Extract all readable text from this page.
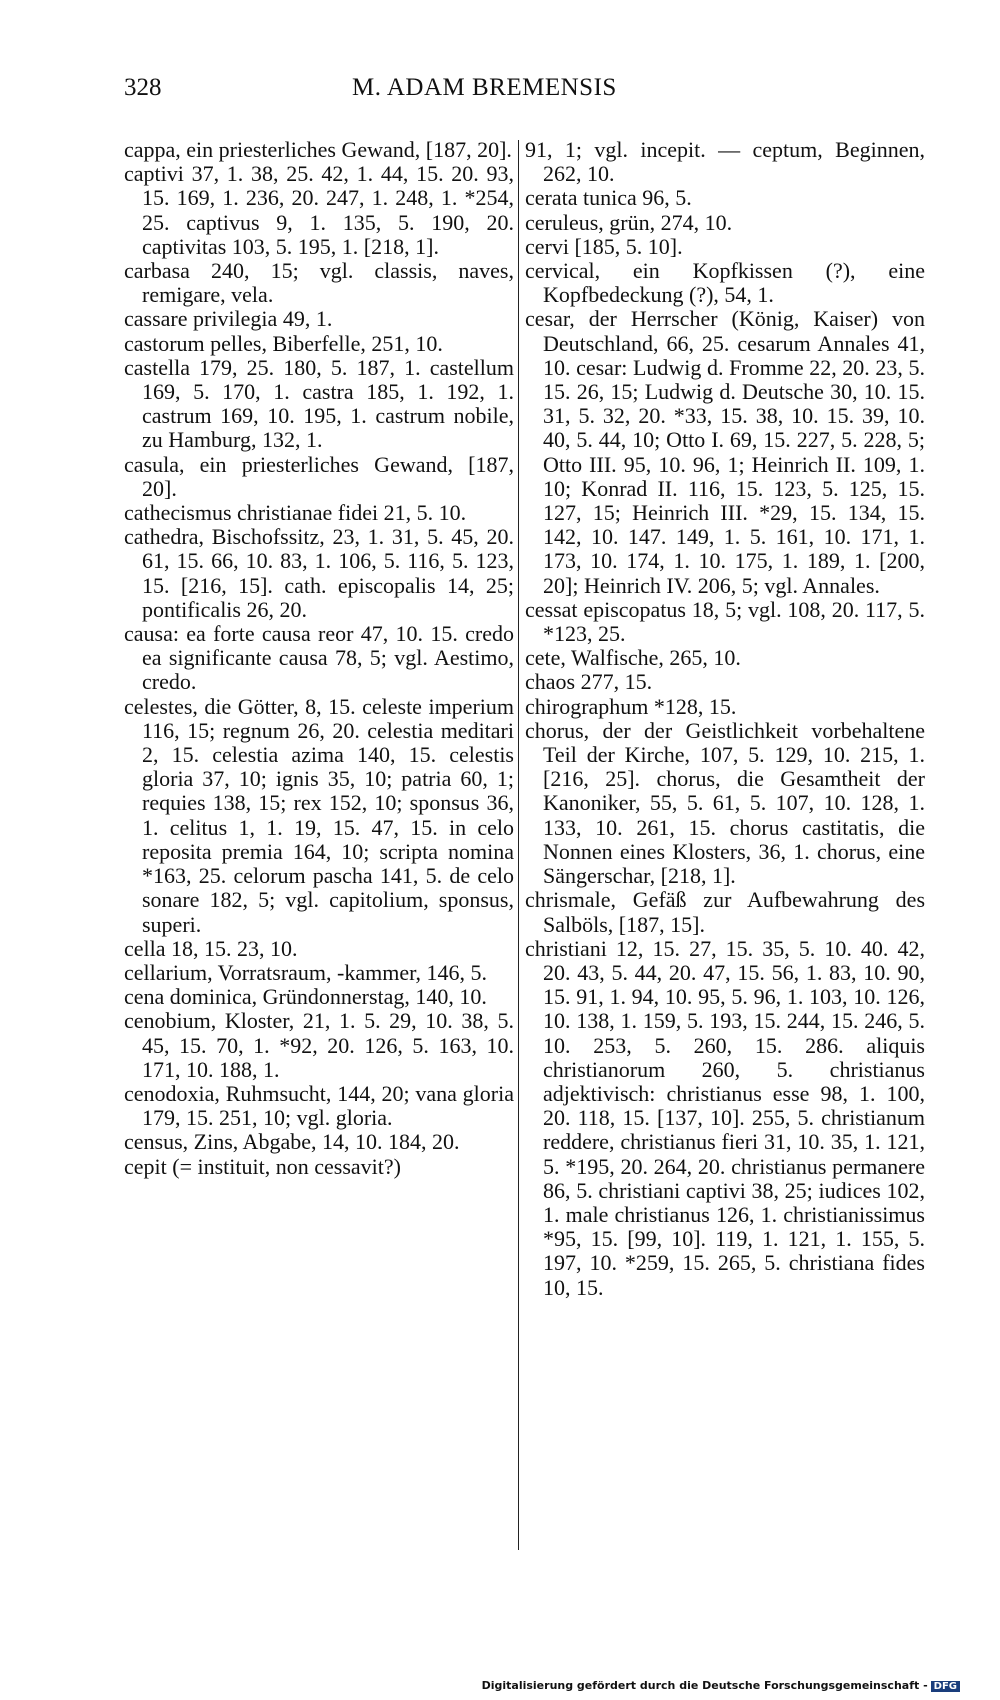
328	M. ADAM BREMENSIS

cappa, ein priesterliches Gewand, [187, 20].

captivi 37, 1. 38, 25. 42, 1. 44, 15. 20. 93, 15. 169, 1. 236, 20. 247, 1. 248, 1. *254, 25. captivus 9, 1. 135, 5. 190, 20. captivitas 103, 5. 195, 1. [218, 1].

carbasa 240, 15; vgl. classis, naves, remigare, vela.

cassare privilegia 49, 1.

castorum pelles, Biberfelle, 251, 10.

castella 179, 25. 180, 5. 187, 1. castellum 169, 5. 170, 1. castra 185, 1. 192, 1. castrum 169, 10. 195, 1. castrum nobile, zu Hamburg, 132, 1.

casula, ein priesterliches Gewand, [187, 20].

cathecismus christianae fidei 21, 5. 10.

cathedra, Bischofssitz, 23, 1. 31, 5. 45, 20. 61, 15. 66, 10. 83, 1. 106, 5. 116, 5. 123, 15. [216, 15]. cath. episcopalis 14, 25; pontificalis 26, 20.

causa: ea forte causa reor 47, 10. 15. credo ea significante causa 78, 5; vgl. Aestimo, credo.

celestes, die Götter, 8, 15. celeste imperium 116, 15; regnum 26, 20. celestia meditari 2, 15. celestia azima 140, 15. celestis gloria 37, 10; ignis 35, 10; patria 60, 1; requies 138, 15; rex 152, 10; sponsus 36, 1. celitus 1, 1. 19, 15. 47, 15. in celo reposita premia 164, 10; scripta nomina *163, 25. celorum pascha 141, 5. de celo sonare 182, 5; vgl. capitolium, sponsus, superi.

cella 18, 15. 23, 10.

cellarium, Vorratsraum, -kammer, 146, 5.

cena dominica, Gründonnerstag, 140, 10.

cenobium, Kloster, 21, 1. 5. 29, 10. 38, 5. 45, 15. 70, 1. *92, 20. 126, 5. 163, 10. 171, 10. 188, 1.

cenodoxia, Ruhmsucht, 144, 20; vana gloria 179, 15. 251, 10; vgl. gloria.

census, Zins, Abgabe, 14, 10. 184, 20.

cepit (= instituit, non cessavit?)

91, 1; vgl. incepit. — ceptum, Beginnen, 262, 10.

cerata tunica 96, 5.

ceruleus, grün, 274, 10.

cervi [185, 5. 10].

cervical, ein Kopfkissen (?), eine Kopfbedeckung (?), 54, 1.

cesar, der Herrscher (König, Kaiser) von Deutschland, 66, 25. cesarum Annales 41, 10. cesar: Ludwig d. Fromme 22, 20. 23, 5. 15. 26, 15; Ludwig d. Deutsche 30, 10. 15. 31, 5. 32, 20. *33, 15. 38, 10. 15. 39, 10. 40, 5. 44, 10; Otto I. 69, 15. 227, 5. 228, 5; Otto III. 95, 10. 96, 1; Heinrich II. 109, 1. 10; Konrad II. 116, 15. 123, 5. 125, 15. 127, 15; Heinrich III. *29, 15. 134, 15. 142, 10. 147. 149, 1. 5. 161, 10. 171, 1. 173, 10. 174, 1. 10. 175, 1. 189, 1. [200, 20]; Heinrich IV. 206, 5; vgl. Annales.

cessat episcopatus 18, 5; vgl. 108, 20. 117, 5. *123, 25.

cete, Walfische, 265, 10.

chaos 277, 15.

chirographum *128, 15.

chorus, der der Geistlichkeit vorbehaltene Teil der Kirche, 107, 5. 129, 10. 215, 1. [216, 25]. chorus, die Gesamtheit der Kanoniker, 55, 5. 61, 5. 107, 10. 128, 1. 133, 10. 261, 15. chorus castitatis, die Nonnen eines Klosters, 36, 1. chorus, eine Sängerschar, [218, 1].

chrismale, Gefäß zur Aufbewahrung des Salböls, [187, 15].

christiani 12, 15. 27, 15. 35, 5. 10. 40. 42, 20. 43, 5. 44, 20. 47, 15. 56, 1. 83, 10. 90, 15. 91, 1. 94, 10. 95, 5. 96, 1. 103, 10. 126, 10. 138, 1. 159, 5. 193, 15. 244, 15. 246, 5. 10. 253, 5. 260, 15. 286. aliquis christianorum 260, 5. christianus adjektivisch: christianus esse 98, 1. 100, 20. 118, 15. [137, 10]. 255, 5. christianum reddere, christianus fieri 31, 10. 35, 1. 121, 5. *195, 20. 264, 20. christianus permanere 86, 5. christiani captivi 38, 25; iudices 102, 1. male christianus 126, 1. christianissimus *95, 15. [99, 10]. 119, 1. 121, 1. 155, 5. 197, 10. *259, 15. 265, 5. christiana fides 10, 15.

Digitalisierung gefördert durch die Deutsche Forschungsgemeinschaft - DFG
